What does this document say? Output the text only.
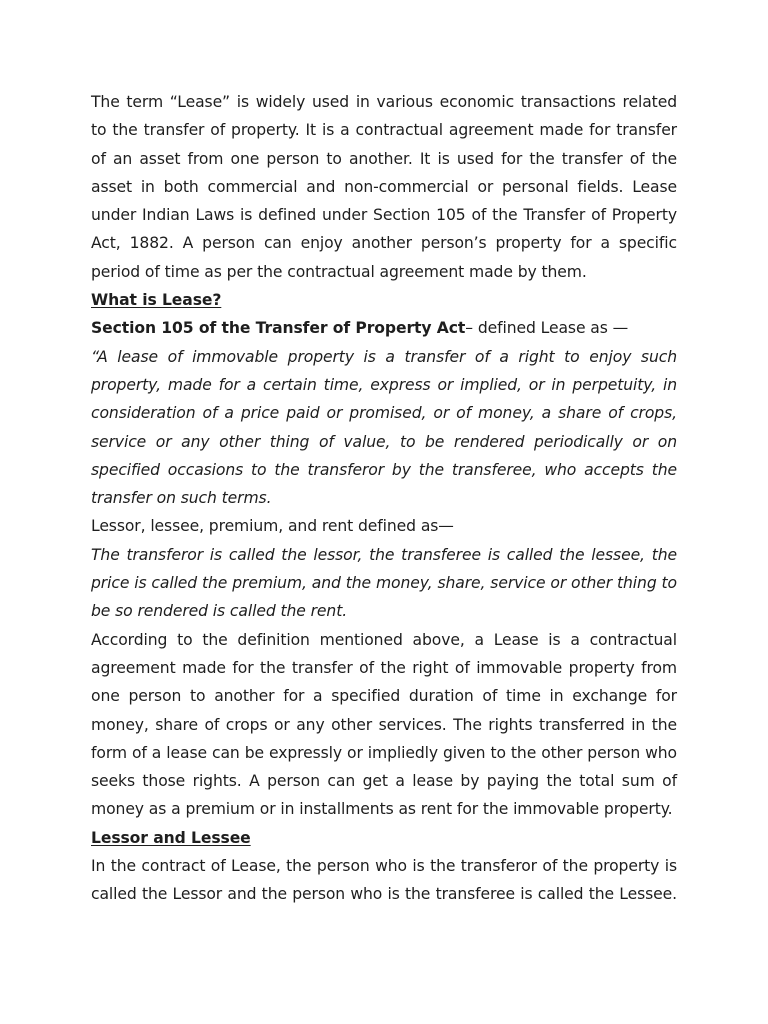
The term “Lease” is widely used in various economic transactions related to the transfer of property. It is a contractual agreement made for transfer of an asset from one person to another. It is used for the transfer of the asset in both commercial and non-commercial or personal fields. Lease under Indian Laws is defined under Section 105 of the Transfer of Property Act, 1882. A person can enjoy another person’s property for a specific period of time as per the contractual agreement made by them.

What is Lease?

Section 105 of the Transfer of Property Act– defined Lease as —

“A lease of immovable property is a transfer of a right to enjoy such property, made for a certain time, express or implied, or in perpetuity, in consideration of a price paid or promised, or of money, a share of crops, service or any other thing of value, to be rendered periodically or on specified occasions to the transferor by the transferee, who accepts the transfer on such terms.

Lessor, lessee, premium, and rent defined as—

The transferor is called the lessor, the transferee is called the lessee, the price is called the premium, and the money, share, service or other thing to be so rendered is called the rent.

According to the definition mentioned above, a Lease is a contractual agreement made for the transfer of the right of immovable property from one person to another for a specified duration of time in exchange for money, share of crops or any other services. The rights transferred in the form of a lease can be expressly or impliedly given to the other person who seeks those rights. A person can get a lease by paying the total sum of money as a premium or in installments as rent for the immovable property.

Lessor and Lessee

In the contract of Lease, the person who is the transferor of the property is called the Lessor and the person who is the transferee is called the Lessee.
